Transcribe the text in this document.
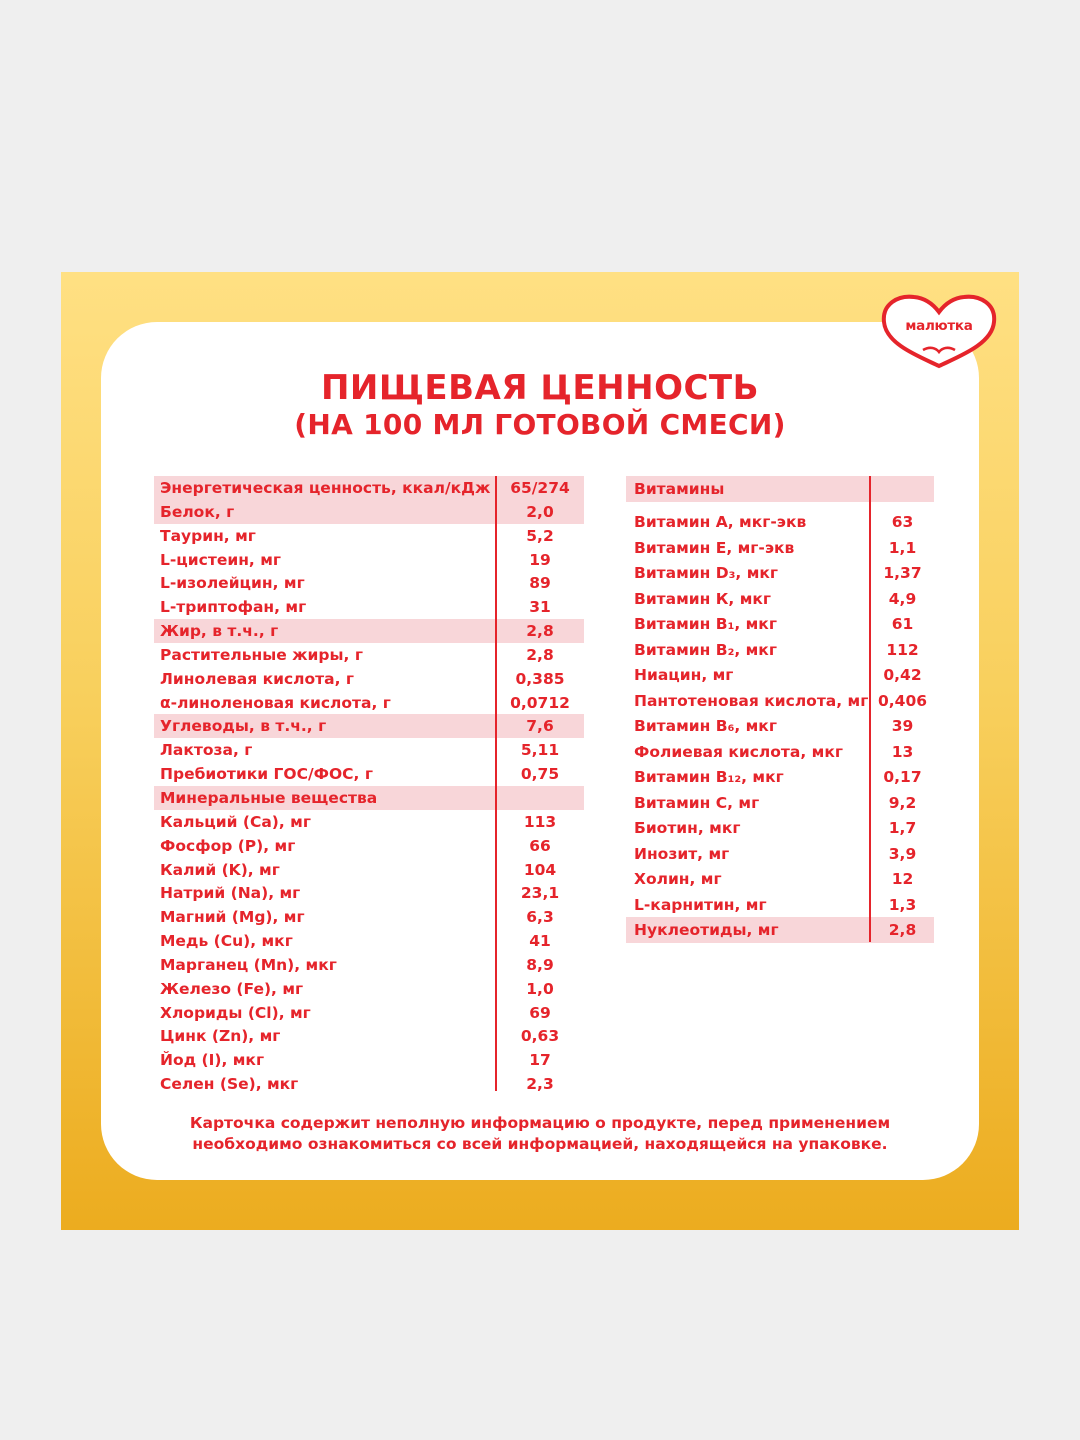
малютка
ПИЩЕВАЯ ЦЕННОСТЬ
(НА 100 МЛ ГОТОВОЙ СМЕСИ)
Энергетическая ценность, ккал/кДж	65/274
Белок, г	2,0
Таурин, мг	5,2
L-цистеин, мг	19
L-изолейцин, мг	89
L-триптофан, мг	31
Жир, в т.ч., г	2,8
Растительные жиры, г	2,8
Линолевая кислота, г	0,385
α-линоленовая кислота, г	0,0712
Углеводы, в т.ч., г	7,6
Лактоза, г	5,11
Пребиотики ГОС/ФОС, г	0,75
Минеральные вещества
Кальций (Ca), мг	113
Фосфор (P), мг	66
Калий (K), мг	104
Натрий (Na), мг	23,1
Магний (Mg), мг	6,3
Медь (Cu), мкг	41
Марганец (Mn), мкг	8,9
Железо (Fe), мг	1,0
Хлориды (Cl), мг	69
Цинк (Zn), мг	0,63
Йод (I), мкг	17
Селен (Se), мкг	2,3
Витамины
Витамин А, мкг-экв	63
Витамин Е, мг-экв	1,1
Витамин D₃, мкг	1,37
Витамин К, мкг	4,9
Витамин B₁, мкг	61
Витамин B₂, мкг	112
Ниацин, мг	0,42
Пантотеновая кислота, мг 0,406
Витамин B₆, мкг	39
Фолиевая кислота, мкг	13
Витамин B₁₂, мкг	0,17
Витамин С, мг	9,2
Биотин, мкг	1,7
Инозит, мг	3,9
Холин, мг	12
L-карнитин, мг	1,3
Нуклеотиды, мг	2,8
Карточка содержит неполную информацию о продукте, перед применением
необходимо ознакомиться со всей информацией, находящейся на упаковке.
